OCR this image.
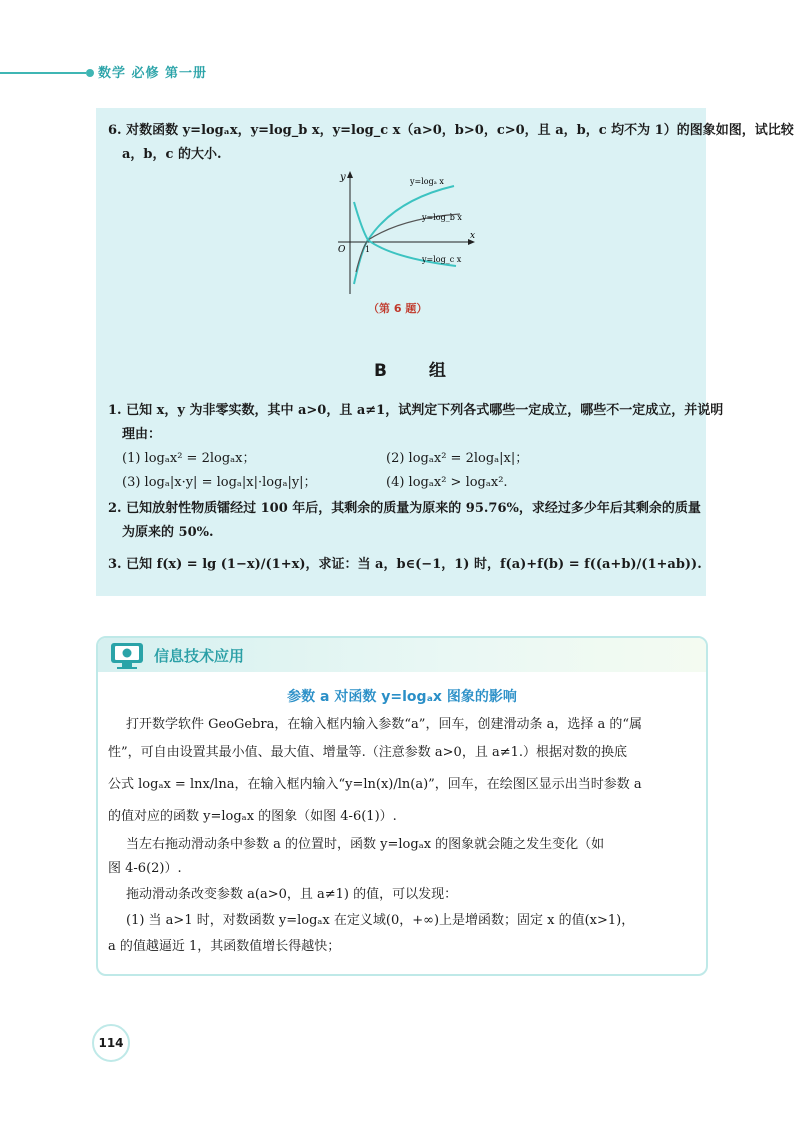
数学 必修 第一册
6. 对数函数 y=logₐx，y=log_b x，y=log_c x（a>0，b>0，c>0，且 a，b，c 均不为 1）的图象如图，试比较
a，b，c 的大小.
y
x
O 1
y=logₐ x
y=log_b x
y=log_c x
（第 6 题）
B 组
1. 已知 x，y 为非零实数，其中 a>0，且 a≠1，试判定下列各式哪些一定成立，哪些不一定成立，并说明
理由：
(1) logₐx² = 2logₐx；	(2) logₐx² = 2logₐ|x|；
(3) logₐ|x·y| = logₐ|x|·logₐ|y|；	(4) logₐx² > logₐx².
2. 已知放射性物质镭经过 100 年后，其剩余的质量为原来的 95.76%，求经过多少年后其剩余的质量
为原来的 50%.
3. 已知 f(x) = lg (1−x)/(1+x)，求证：当 a，b∈(−1，1) 时，f(a)+f(b) = f((a+b)/(1+ab)).
信息技术应用
参数 a 对函数 y=logₐx 图象的影响
打开数学软件 GeoGebra，在输入框内输入参数“a”，回车，创建滑动条 a，选择 a 的“属
性”，可自由设置其最小值、最大值、增量等.（注意参数 a>0，且 a≠1.）根据对数的换底
公式 logₐx = lnx/lna，在输入框内输入“y=ln(x)/ln(a)”，回车，在绘图区显示出当时参数 a
的值对应的函数 y=logₐx 的图象（如图 4-6(1)）.
当左右拖动滑动条中参数 a 的位置时，函数 y=logₐx 的图象就会随之发生变化（如
图 4-6(2)）.
拖动滑动条改变参数 a(a>0，且 a≠1) 的值，可以发现：
(1) 当 a>1 时，对数函数 y=logₐx 在定义域(0，+∞)上是增函数；固定 x 的值(x>1)，
a 的值越逼近 1，其函数值增长得越快；
114
